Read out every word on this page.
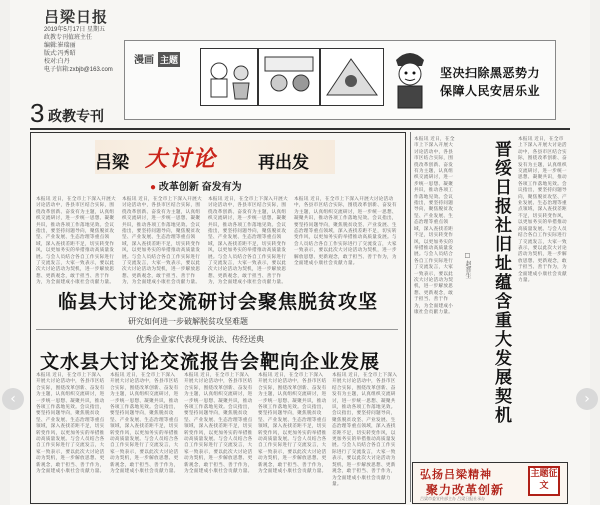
吕梁日报
2019年5月17日 星期五
政教专刊值班主任
编辑:崔瑞丽
版式:冯秀昭
校对:白丹
电子信箱:zxbjb@163.com
3 政教专刊
漫画 主题
坚决扫除黑恶势力
保障人民安居乐业
吕梁 大讨论 再出发
● 改革创新 奋发有为
本报讯 近日，在全市上下深入开展大讨论活动中，各县市区结合实际，围绕改革创新、奋发有为主题，认真组织交流研讨，进一步统一思想、凝聚共识，推动各项工作落地见效。会议指出，要坚持问题导向，聚焦脱贫攻坚、产业发展、生态治理等重点领域，深入查找差距不足，切实转变作风，以更加务实的举措推动高质量发展。与会人员结合各自工作实际进行了交流发言，大家一致表示，要以此次大讨论活动为契机，进一步解放思想、更新观念，敢于担当、善于作为，为全面建成小康社会贡献力量。
本报讯 近日，在全市上下深入开展大讨论活动中，各县市区结合实际，围绕改革创新、奋发有为主题，认真组织交流研讨，进一步统一思想、凝聚共识，推动各项工作落地见效。会议指出，要坚持问题导向，聚焦脱贫攻坚、产业发展、生态治理等重点领域，深入查找差距不足，切实转变作风，以更加务实的举措推动高质量发展。与会人员结合各自工作实际进行了交流发言，大家一致表示，要以此次大讨论活动为契机，进一步解放思想、更新观念，敢于担当、善于作为，为全面建成小康社会贡献力量。
本报讯 近日，在全市上下深入开展大讨论活动中，各县市区结合实际，围绕改革创新、奋发有为主题，认真组织交流研讨，进一步统一思想、凝聚共识，推动各项工作落地见效。会议指出，要坚持问题导向，聚焦脱贫攻坚、产业发展、生态治理等重点领域，深入查找差距不足，切实转变作风，以更加务实的举措推动高质量发展。与会人员结合各自工作实际进行了交流发言，大家一致表示，要以此次大讨论活动为契机，进一步解放思想、更新观念，敢于担当、善于作为，为全面建成小康社会贡献力量。
本报讯 近日，在全市上下深入开展大讨论活动中，各县市区结合实际，围绕改革创新、奋发有为主题，认真组织交流研讨，进一步统一思想、凝聚共识，推动各项工作落地见效。会议指出，要坚持问题导向，聚焦脱贫攻坚、产业发展、生态治理等重点领域，深入查找差距不足，切实转变作风，以更加务实的举措推动高质量发展。与会人员结合各自工作实际进行了交流发言，大家一致表示，要以此次大讨论活动为契机，进一步解放思想、更新观念，敢于担当、善于作为，为全面建成小康社会贡献力量。
临县大讨论交流研讨会聚焦脱贫攻坚
研究如何进一步破解脱贫攻坚难题
优秀企业家代表现身说法、传经送典
文水县大讨论交流报告会靶向企业发展
本报讯 近日，在全市上下深入开展大讨论活动中，各县市区结合实际，围绕改革创新、奋发有为主题，认真组织交流研讨，进一步统一思想、凝聚共识，推动各项工作落地见效。会议指出，要坚持问题导向，聚焦脱贫攻坚、产业发展、生态治理等重点领域，深入查找差距不足，切实转变作风，以更加务实的举措推动高质量发展。与会人员结合各自工作实际进行了交流发言，大家一致表示，要以此次大讨论活动为契机，进一步解放思想、更新观念，敢于担当、善于作为，为全面建成小康社会贡献力量。
本报讯 近日，在全市上下深入开展大讨论活动中，各县市区结合实际，围绕改革创新、奋发有为主题，认真组织交流研讨，进一步统一思想、凝聚共识，推动各项工作落地见效。会议指出，要坚持问题导向，聚焦脱贫攻坚、产业发展、生态治理等重点领域，深入查找差距不足，切实转变作风，以更加务实的举措推动高质量发展。与会人员结合各自工作实际进行了交流发言，大家一致表示，要以此次大讨论活动为契机，进一步解放思想、更新观念，敢于担当、善于作为，为全面建成小康社会贡献力量。
本报讯 近日，在全市上下深入开展大讨论活动中，各县市区结合实际，围绕改革创新、奋发有为主题，认真组织交流研讨，进一步统一思想、凝聚共识，推动各项工作落地见效。会议指出，要坚持问题导向，聚焦脱贫攻坚、产业发展、生态治理等重点领域，深入查找差距不足，切实转变作风，以更加务实的举措推动高质量发展。与会人员结合各自工作实际进行了交流发言，大家一致表示，要以此次大讨论活动为契机，进一步解放思想、更新观念，敢于担当、善于作为，为全面建成小康社会贡献力量。
本报讯 近日，在全市上下深入开展大讨论活动中，各县市区结合实际，围绕改革创新、奋发有为主题，认真组织交流研讨，进一步统一思想、凝聚共识，推动各项工作落地见效。会议指出，要坚持问题导向，聚焦脱贫攻坚、产业发展、生态治理等重点领域，深入查找差距不足，切实转变作风，以更加务实的举措推动高质量发展。与会人员结合各自工作实际进行了交流发言，大家一致表示，要以此次大讨论活动为契机，进一步解放思想、更新观念，敢于担当、善于作为，为全面建成小康社会贡献力量。
本报讯 近日，在全市上下深入开展大讨论活动中，各县市区结合实际，围绕改革创新、奋发有为主题，认真组织交流研讨，进一步统一思想、凝聚共识，推动各项工作落地见效。会议指出，要坚持问题导向，聚焦脱贫攻坚、产业发展、生态治理等重点领域，深入查找差距不足，切实转变作风，以更加务实的举措推动高质量发展。与会人员结合各自工作实际进行了交流发言，大家一致表示，要以此次大讨论活动为契机，进一步解放思想、更新观念，敢于担当、善于作为，为全面建成小康社会贡献力量。
本报讯 近日，在全市上下深入开展大讨论活动中，各县市区结合实际，围绕改革创新、奋发有为主题，认真组织交流研讨，进一步统一思想、凝聚共识，推动各项工作落地见效。会议指出，要坚持问题导向，聚焦脱贫攻坚、产业发展、生态治理等重点领域，深入查找差距不足，切实转变作风，以更加务实的举措推动高质量发展。与会人员结合各自工作实际进行了交流发言，大家一致表示，要以此次大讨论活动为契机，进一步解放思想、更新观念，敢于担当、善于作为，为全面建成小康社会贡献力量。 晋绥日报社旧址蕴含重大发展契机
□ 赵晋生
本报讯 近日，在全市上下深入开展大讨论活动中，各县市区结合实际，围绕改革创新、奋发有为主题，认真组织交流研讨，进一步统一思想、凝聚共识，推动各项工作落地见效。会议指出，要坚持问题导向，聚焦脱贫攻坚、产业发展、生态治理等重点领域，深入查找差距不足，切实转变作风，以更加务实的举措推动高质量发展。与会人员结合各自工作实际进行了交流发言，大家一致表示，要以此次大讨论活动为契机，进一步解放思想、更新观念，敢于担当、善于作为，为全面建成小康社会贡献力量。
弘扬吕梁精神
聚力改革创新
主题征文
吕梁市委宣传部主办 吕梁日报社承办
‹	›
